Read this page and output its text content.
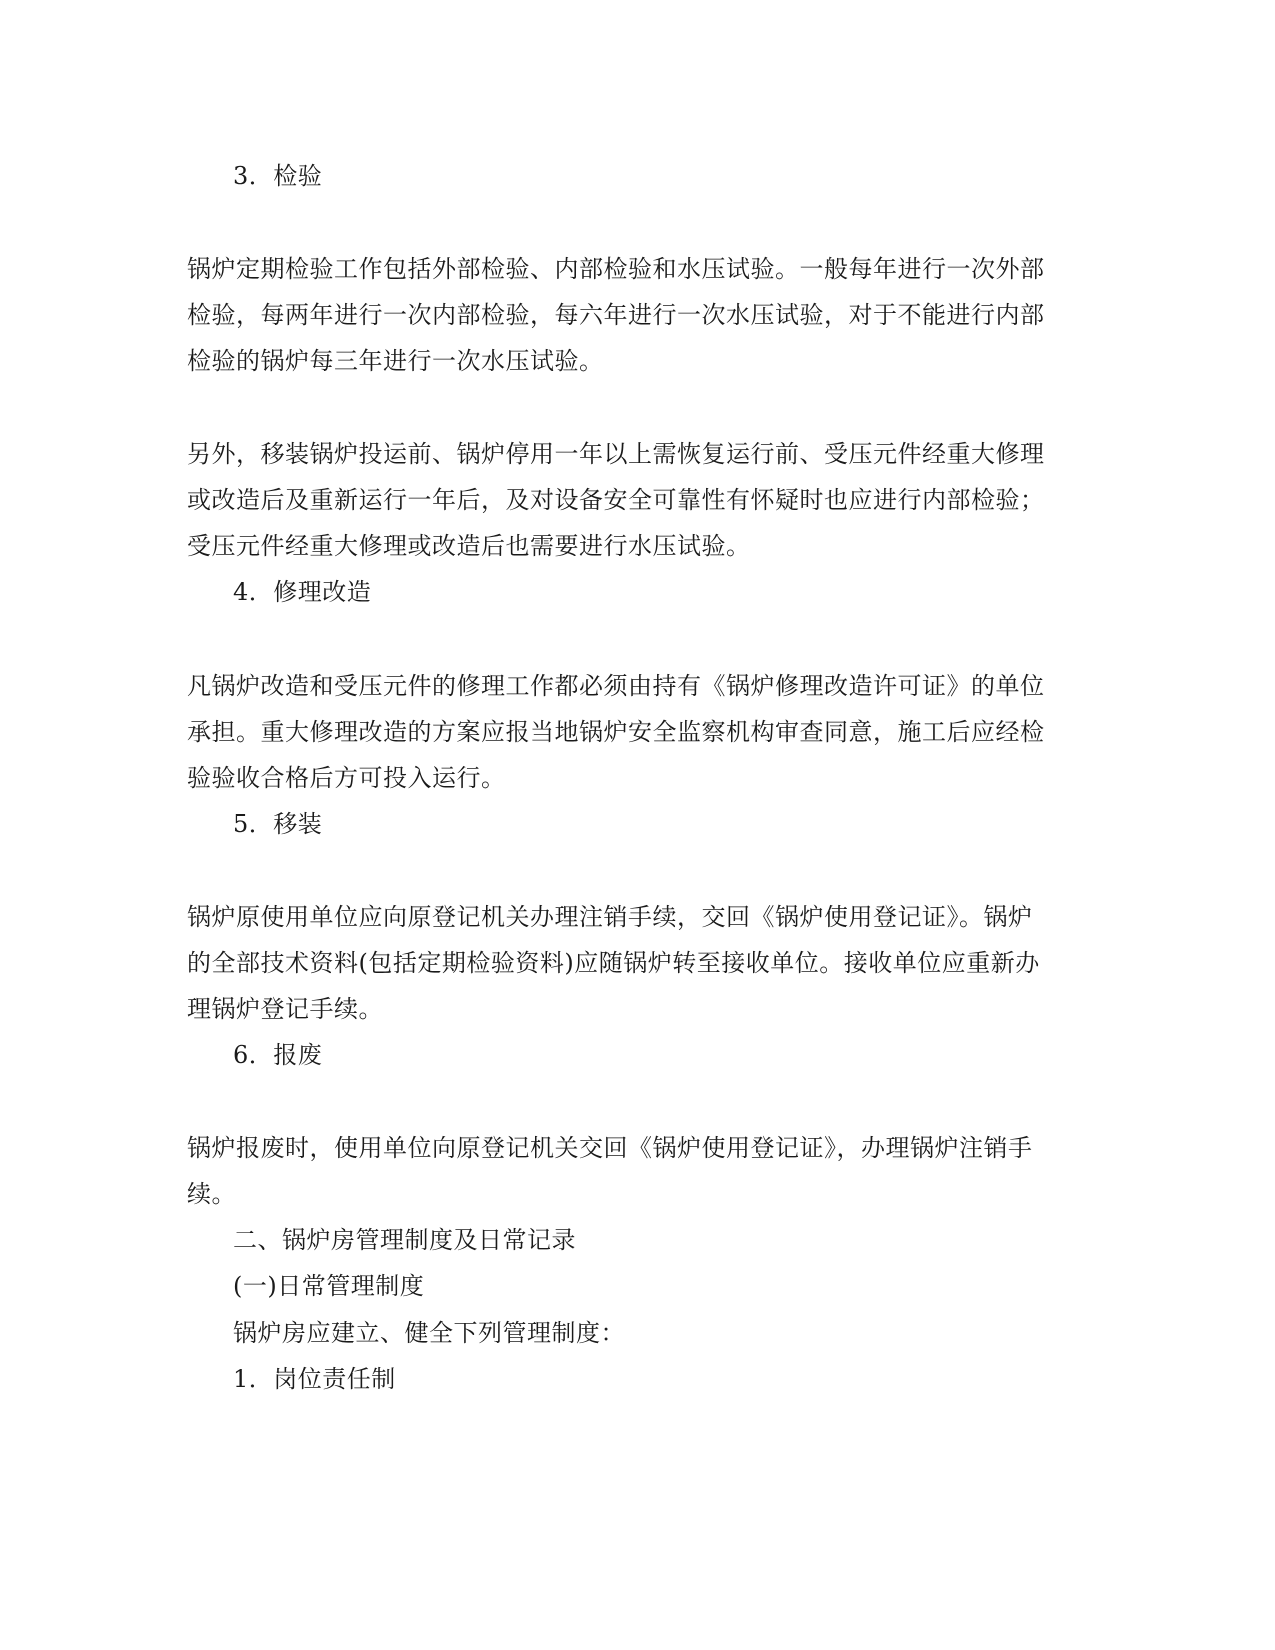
3．检验
锅炉定期检验工作包括外部检验、内部检验和水压试验。一般每年进行一次外部
检验，每两年进行一次内部检验，每六年进行一次水压试验，对于不能进行内部
检验的锅炉每三年进行一次水压试验。
另外，移装锅炉投运前、锅炉停用一年以上需恢复运行前、受压元件经重大修理
或改造后及重新运行一年后，及对设备安全可靠性有怀疑时也应进行内部检验；
受压元件经重大修理或改造后也需要进行水压试验。
4．修理改造
凡锅炉改造和受压元件的修理工作都必须由持有《锅炉修理改造许可证》的单位
承担。重大修理改造的方案应报当地锅炉安全监察机构审查同意，施工后应经检
验验收合格后方可投入运行。
5．移装
锅炉原使用单位应向原登记机关办理注销手续，交回《锅炉使用登记证》。锅炉
的全部技术资料(包括定期检验资料)应随锅炉转至接收单位。接收单位应重新办
理锅炉登记手续。
6．报废
锅炉报废时，使用单位向原登记机关交回《锅炉使用登记证》，办理锅炉注销手
续。
二、锅炉房管理制度及日常记录
(一)日常管理制度
锅炉房应建立、健全下列管理制度：
1．岗位责任制
